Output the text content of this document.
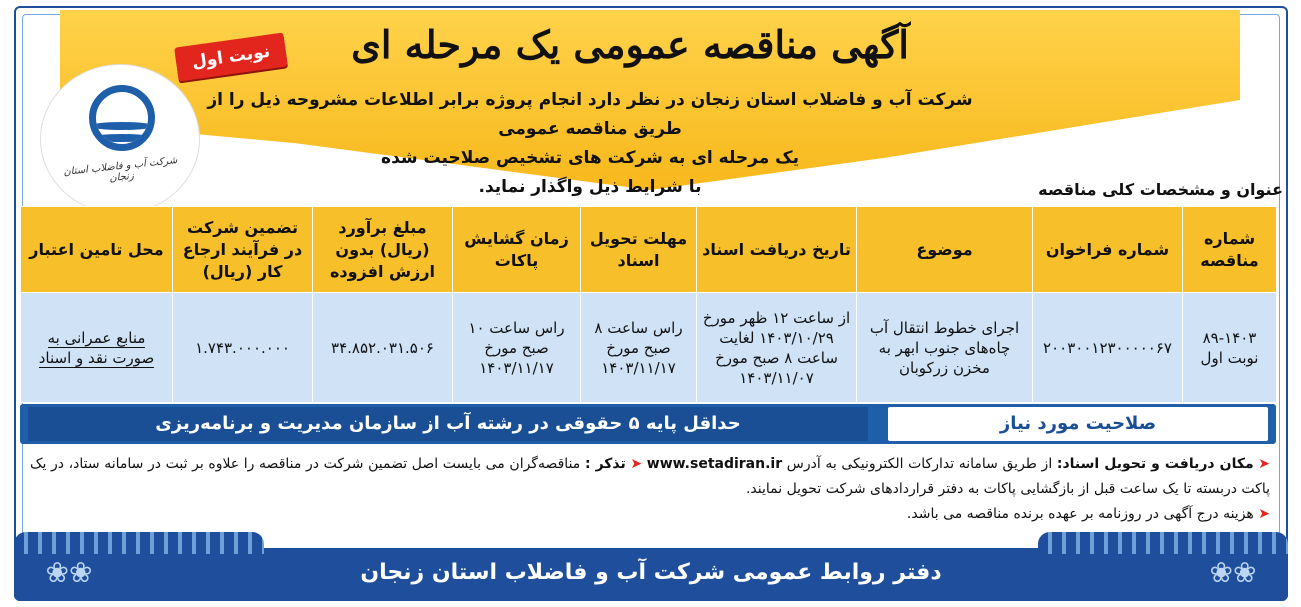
آگهی مناقصه عمومی یک مرحله ای
نوبت اول
شرکت آب و فاضلاب استان زنجان در نظر دارد انجام پروژه برابر اطلاعات مشروحه ذیل را از طریق مناقصه عمومی
یک مرحله ای به شرکت های تشخیص صلاحیت شده
با شرایط ذیل واگذار نماید.
شرکت آب و فاضلاب استان زنجان
عنوان و مشخصات کلی مناقصه
شماره مناقصه	شماره فراخوان	موضوع	تاریخ دریافت اسناد	مهلت تحویل اسناد	زمان گشایش پاکات	مبلغ برآورد (ریال) بدون ارزش افزوده	تضمین شرکت در فرآیند ارجاع کار (ریال)	محل تامین اعتبار
۸۹-۱۴۰۳ نوبت اول	۲۰۰۳۰۰۱۲۳۰۰۰۰۰۶۷	اجرای خطوط انتقال آب چاه‌های جنوب ابهر به مخزن زرکوبان	از ساعت ۱۲ ظهر مورخ ۱۴۰۳/۱۰/۲۹ لغایت ساعت ۸ صبح مورخ ۱۴۰۳/۱۱/۰۷	راس ساعت ۸ صبح مورخ ۱۴۰۳/۱۱/۱۷	راس ساعت ۱۰ صبح مورخ ۱۴۰۳/۱۱/۱۷	۳۴.۸۵۲.۰۳۱.۵۰۶	۱.۷۴۳.۰۰۰.۰۰۰	منابع عمرانی به صورت نقد و اسناد
صلاحیت مورد نیاز
حداقل پایه ۵ حقوقی در رشته آب از سازمان مدیریت و برنامه‌ریزی
➤ مکان دریافت و تحویل اسناد: از طریق سامانه تدارکات الکترونیکی به آدرس www.setadiran.ir ➤ تذکر : مناقصه‌گران می بایست اصل تضمین شرکت در مناقصه را علاوه بر ثبت در سامانه ستاد، در یک پاکت دربسته تا یک ساعت قبل از بازگشایی پاکات به دفتر قراردادهای شرکت تحویل نمایند.
➤ هزینه درج آگهی در روزنامه بر عهده برنده مناقصه می باشد.
❀❀	❀❀
دفتر روابط عمومی شرکت آب و فاضلاب استان زنجان
